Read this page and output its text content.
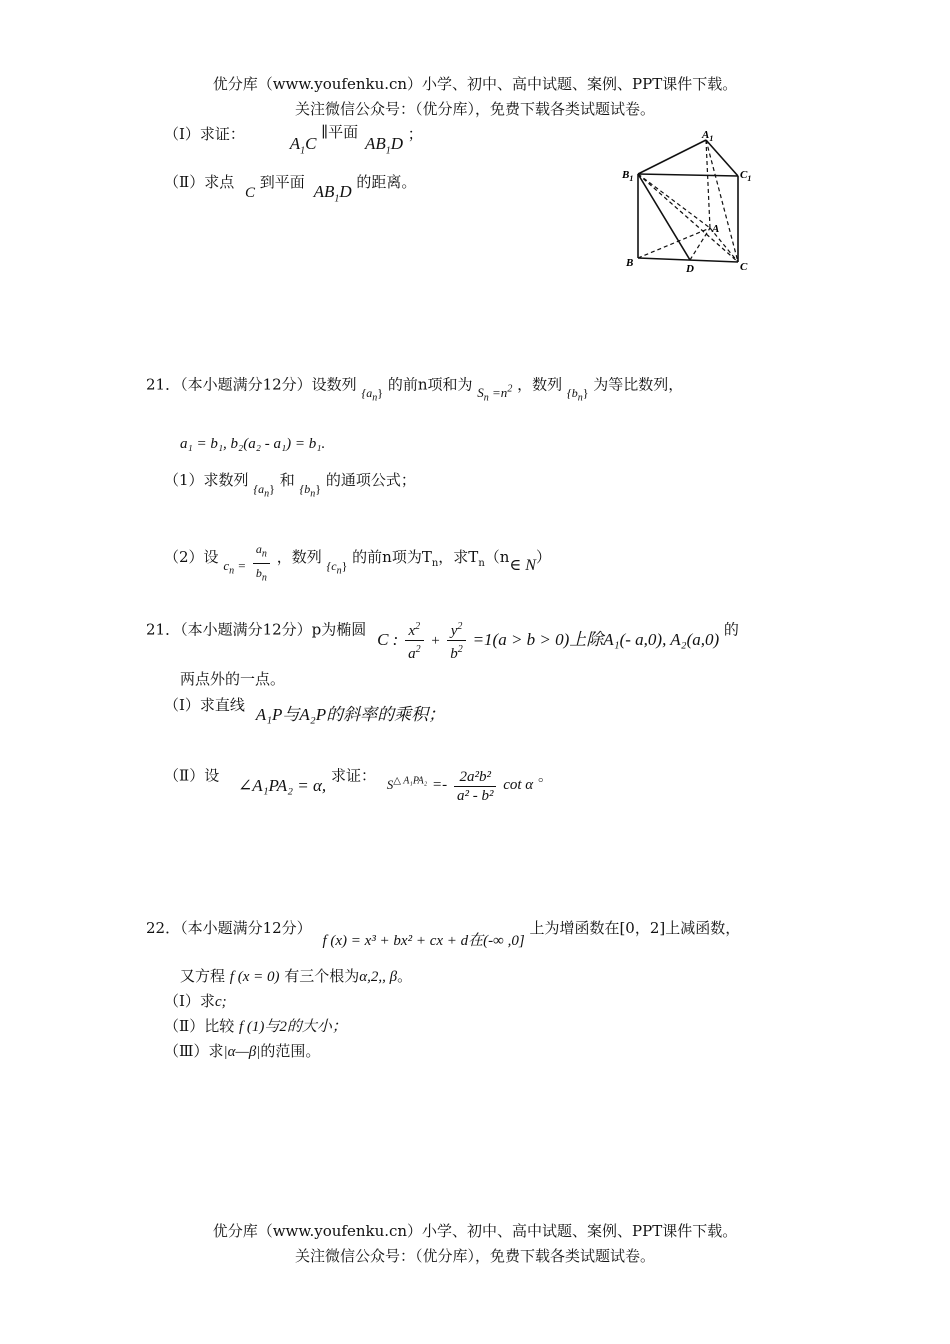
优分库（www.youfenku.cn）小学、初中、高中试题、案例、PPT课件下载。
关注微信公众号：（优分库），免费下载各类试题试卷。
（Ⅰ）求证：	$A_1C$ ∥平面 $AB_1D$ ；
（Ⅱ）求点 C 到平面 $AB_1D$ 的距离。
$A_1$
$B_1$	$C_1$
A
B	C
D
21．（本小题满分12分）设数列 $_{\{a_n\}}$ 的前n项和为 $S_n =n^2$ ，数列 $_{\{b_n\}}$ 为等比数列，
a₁ = b₁, b₂(a₂ - a₁) = b₁.
（1）求数列 $_{\{a_n\}}$ 和 $_{\{b_n\}}$ 的通项公式；
（2）设 $c_n = \frac{a_n}{b_n}$ ，数列 $_{\{c_n\}}$ 的前n项为$T_n$，求$T_n(n\in$ N）
21．（本小题满分12分）p为椭圆 C : $\frac{x^2}{a^2} + \frac{y^2}{b^2} =1(a > b > 0)$上除A₁(- a,0), A₂(a,0) 的
两点外的一点。
（Ⅰ）求直线 A₁P与A₂P的斜率的乘积；
（Ⅱ）设 ∠A₁PA₂ = α, 求证： $S^{\triangle A_1PA_2} =- \frac{\text{2a²b²}}{\text{a² - b²}}$ cot α 。
22．（本小题满分12分） f (x) = x³ + bx² + cx + d在(-∞ ,0] 上为增函数在[0，2]上减函数，
又方程 f (x = 0) 有三个根为α,2,, β。
（Ⅰ）求c;
（Ⅱ）比较 f (1)与2的大小；
（Ⅲ）求|α—β|的范围。
优分库（www.youfenku.cn）小学、初中、高中试题、案例、PPT课件下载。
关注微信公众号：（优分库），免费下载各类试题试卷。
